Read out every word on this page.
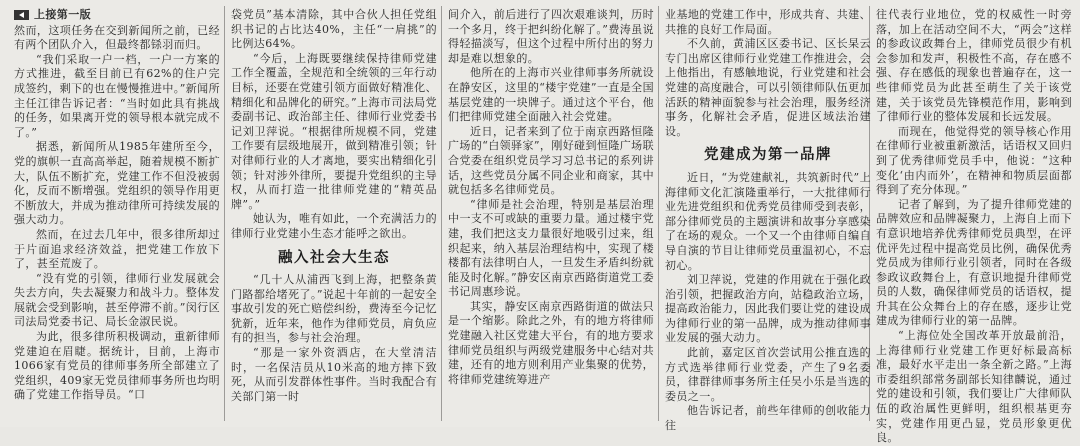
上接第一版

然而，这项任务在交到新闻所之前，已经有两个团队介入，但最终都铩羽而归。

“我们采取一户一档，一户一方案的方式推进，截至目前已有62%的住户完成签约，剩下的也在慢慢推进中。”新闻所主任江律告诉记者：“当时如此具有挑战的任务，如果离开党的领导根本就完成不了。”

据悉，新闻所从1985年建所至今，党的旗帜一直高高举起，随着规模不断扩大，队伍不断扩充，党建工作不但没被弱化，反而不断增强。党组织的领导作用更不断放大，并成为推动律所可持续发展的强大动力。

然而，在过去几年中，很多律所却过于片面追求经济效益，把党建工作放下了，甚至荒废了。

“没有党的引领，律师行业发展就会失去方向，失去凝聚力和战斗力。整体发展就会受到影响，甚至停滞不前。”闵行区司法局党委书记、局长金淑民说。

为此，很多律所积极调动，重新律师党建迫在眉睫。据统计，目前，上海市1066家有党员的律师事务所全部建立了党组织，409家无党员律师事务所也均明确了党建工作指导员。“口

袋党员”基本清除，其中合伙人担任党组织书记的占比达40%，主任“一肩挑”的比例达64%。

“今后，上海既要继续保持律师党建工作全覆盖，全规范和全统领的三年行动目标，还要在党建引领方面做好精准化、精细化和品牌化的研究。”上海市司法局党委副书记、政治部主任、律师行业党委书记刘卫萍说。“根据律所规模不同，党建工作要有层级地展开，做到精准引领；针对律师行业的人才离地，要实出精细化引领；针对涉外律所，要提升党组织的主导权，从而打造一批律师党建的“精英品牌”。”

她认为，唯有如此，一个充满活力的律师行业党建小生态才能呼之欲出。

融入社会大生态

“几十人从浦西飞到上海，把整条黄门路都给堵死了。”说起十年前的一起安全事故引发的死亡赔偿纠纷，费涛至今记忆犹新，近年来，他作为律师党员，肩负应有的担当，参与社会治理。

“那是一家外资酒店，在大堂清洁时，一名保洁员从10米高的地方摔下致死，从而引发群体性事件。当时我配合有关部门第一时

间介入，前后进行了四次艰难谈判，历时一个多月，终于把纠纷化解了。”费涛虽说得轻描淡写，但这个过程中所付出的努力却是难以想象的。

他所在的上海市兴业律师事务所就设在静安区，这里的“楼宇党建”一直是全国基层党建的一块牌子。通过这个平台，他们把律师党建全面融入社会党建。

近日，记者来到了位于南京西路恒隆广场的“白领驿家”，刚好碰到恒隆广场联合党委在组织党员学习习总书记的系列讲话，这些党员分属不同企业和商家，其中就包括多名律师党员。

“律师是社会治理，特别是基层治理中一支不可或缺的重要力量。通过楼宇党建，我们把这支力量很好地吸引过来，组织起来，纳入基层治理结构中，实现了楼楼都有法律明白人，一旦发生矛盾纠纷就能及时化解。”静安区南京西路街道党工委书记周惠珍说。

其实，静安区南京西路街道的做法只是一个缩影。除此之外，有的地方将律师党建融入社区党建大平台，有的地方要求律师党员组织与两级党建服务中心结对共建，还有的地方则利用产业集聚的优势，将律师党建统筹进产

业基地的党建工作中，形成共育、共建、共推的良好工作局面。

不久前，黄浦区区委书记、区长杲云专门出席区律师行业党建工作推进会，会上他指出，有感触地说，行业党建和社会党建的高度融合，可以引领律师队伍更加活跃的精神面貌参与社会治理，服务经济事务，化解社会矛盾，促进区域法治建设。

党建成为第一品牌

近日，“为党建献礼，共筑新时代”上海律师文化汇演隆重举行，一大批律师行业先进党组织和优秀党员律师受到表彰，部分律师党员的主题演讲和故事分享感染了在场的观众。一个又一个由律师自编自导自演的节目让律师党员重温初心，不忘初心。

刘卫萍说，党建的作用就在于强化政治引领，把握政治方向，站稳政治立场，提高政治能力，因此我们要让党的建设成为律师行业的第一品牌，成为推动律师事业发展的强大动力。

此前，嘉定区首次尝试用公推直选的方式选举律师行业党委，产生了9名委员，律群律师事务所主任吴小乐是当选的委员之一。

他告诉记者，前些年律师的创收能力往

往代表行业地位，党的权威性一时旁落，加上在活动空间不大，“两会”这样的参政议政舞台上，律师党员很少有机会参加和发声，积极性不高，存在感不强、存在感低的现象也普遍存在，这一些律师党员为此甚至萌生了关于该党建，关于该党员先锋模范作用，影响到了律师行业的整体发展和长远发展。

而现在，他觉得党的领导核心作用在律师行业被重新激活，话语权又回归到了优秀律师党员手中，他说：“这种变化‘由内而外’，在精神和物质层面都得到了充分体现。”

记者了解到，为了提升律师党建的品牌效应和品牌凝聚力，上海自上而下有意识地培养优秀律师党员典型，在评优评先过程中提高党员比例，确保优秀党员成为律师行业引领者，同时在各级参政议政舞台上，有意识地提升律师党员的人数，确保律师党员的话语权，提升其在公众舞台上的存在感，逐步让党建成为律师行业的第一品牌。

“上海位处全国改革开放最前沿，上海律师行业党建工作更好标最高标准，最好水平走出一条全新之路。”上海市委组织部常务副部长知律麟说，通过党的建设和引领，我们要让广大律师队伍的政治属性更鲜明，组织根基更夯实，党建作用更凸显，党员形象更优良。
